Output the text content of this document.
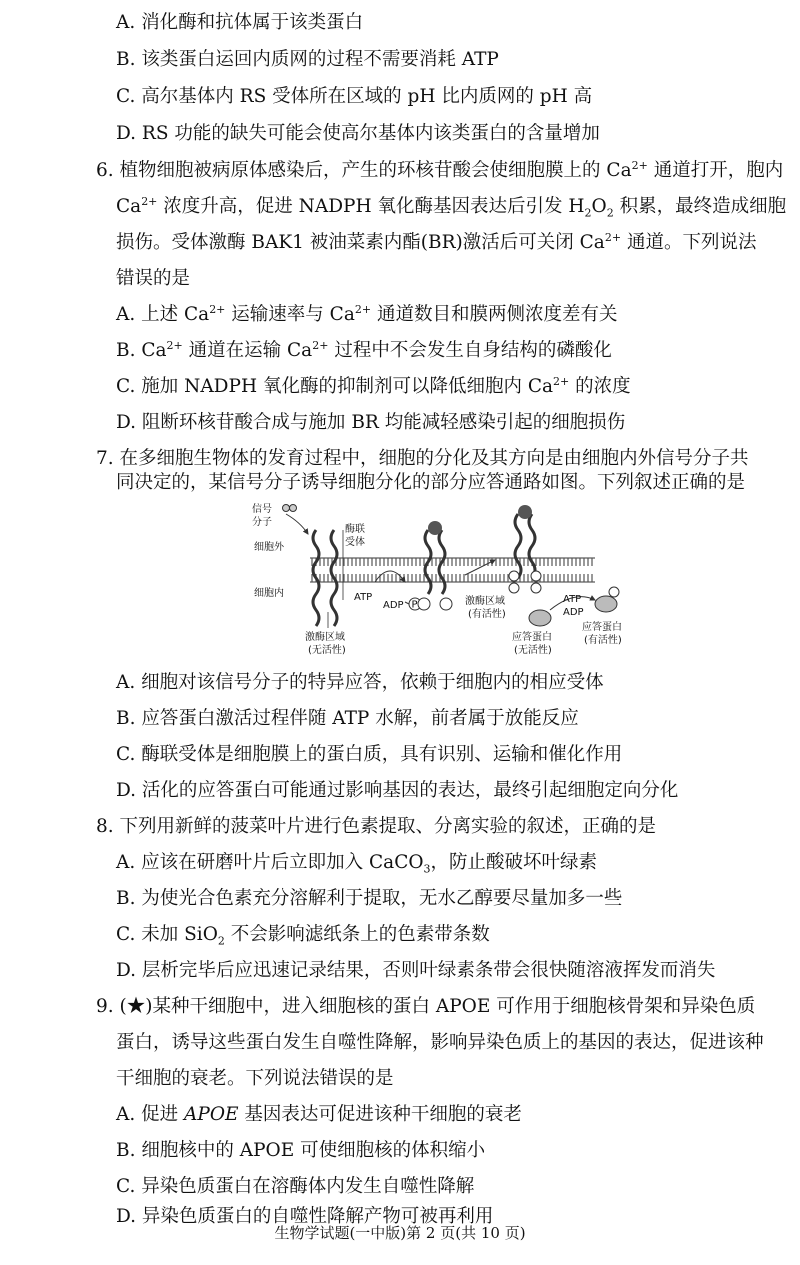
A. 消化酶和抗体属于该类蛋白
B. 该类蛋白运回内质网的过程不需要消耗 ATP
C. 高尔基体内 RS 受体所在区域的 pH 比内质网的 pH 高
D. RS 功能的缺失可能会使高尔基体内该类蛋白的含量增加
6. 植物细胞被病原体感染后，产生的环核苷酸会使细胞膜上的 $Ca^{2+}$ 通道打开，胞内
$Ca^{2+}$ 浓度升高，促进 NADPH 氧化酶基因表达后引发 $H_2O_2$ 积累，最终造成细胞
损伤。受体激酶 BAK1 被油菜素内酯(BR)激活后可关闭 $Ca^{2+}$ 通道。下列说法
错误的是
A. 上述 $Ca^{2+}$ 运输速率与 $Ca^{2+}$ 通道数目和膜两侧浓度差有关
B. $Ca^{2+}$ 通道在运输 $Ca^{2+}$ 过程中不会发生自身结构的磷酸化
C. 施加 NADPH 氧化酶的抑制剂可以降低细胞内 $Ca^{2+}$ 的浓度
D. 阻断环核苷酸合成与施加 BR 均能减轻感染引起的细胞损伤
7. 在多细胞生物体的发育过程中，细胞的分化及其方向是由细胞内外信号分子共
同决定的，某信号分子诱导细胞分化的部分应答通路如图。下列叙述正确的是
信号
分子
细胞外
细胞内
酶联
受体
激酶区域
(无活性)
ATP
ADP P	激酶区域
(有活性)
ATP
ADP
应答蛋白
(无活性)
应答蛋白
(有活性)
A. 细胞对该信号分子的特异应答，依赖于细胞内的相应受体
B. 应答蛋白激活过程伴随 ATP 水解，前者属于放能反应
C. 酶联受体是细胞膜上的蛋白质，具有识别、运输和催化作用
D. 活化的应答蛋白可能通过影响基因的表达，最终引起细胞定向分化
8. 下列用新鲜的菠菜叶片进行色素提取、分离实验的叙述，正确的是
A. 应该在研磨叶片后立即加入 CaCO$_3$，防止酸破坏叶绿素
B. 为使光合色素充分溶解利于提取，无水乙醇要尽量加多一些
C. 未加 SiO$_2$ 不会影响滤纸条上的色素带条数
D. 层析完毕后应迅速记录结果，否则叶绿素条带会很快随溶液挥发而消失
9. (★)某种干细胞中，进入细胞核的蛋白 APOE 可作用于细胞核骨架和异染色质
蛋白，诱导这些蛋白发生自噬性降解，影响异染色质上的基因的表达，促进该种
干细胞的衰老。下列说法错误的是
A. 促进 APOE 基因表达可促进该种干细胞的衰老
B. 细胞核中的 APOE 可使细胞核的体积缩小
C. 异染色质蛋白在溶酶体内发生自噬性降解
D. 异染色质蛋白的自噬性降解产物可被再利用
生物学试题(一中版)第 2 页(共 10 页)
